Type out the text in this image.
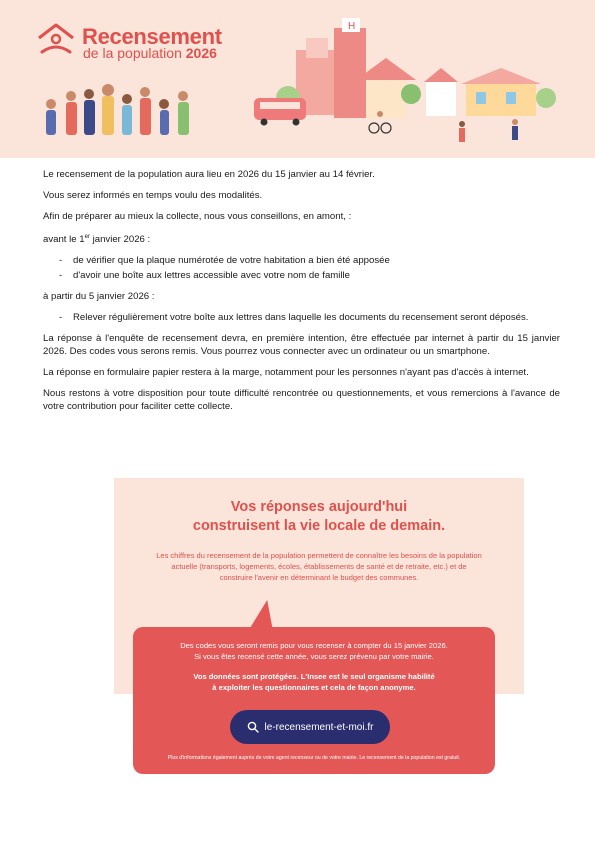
H
Recensement
de la population 2026

Le recensement de la population aura lieu en 2026 du 15 janvier au 14 février.

Vous serez informés en temps voulu des modalités.

Afin de préparer au mieux la collecte, nous vous conseillons, en amont, :

avant le 1er janvier 2026 :

- de vérifier que la plaque numérotée de votre habitation a bien été apposée
- d'avoir une boîte aux lettres accessible avec votre nom de famille

à partir du 5 janvier 2026 :

- Relever régulièrement votre boîte aux lettres dans laquelle les documents du recensement seront déposés.

La réponse à l'enquête de recensement devra, en première intention, être effectuée par internet à partir du 15 janvier 2026. Des codes vous serons remis. Vous pourrez vous connecter avec un ordinateur ou un smartphone.

La réponse en formulaire papier restera à la marge, notamment pour les personnes n'ayant pas d'accès à internet.

Nous restons à votre disposition pour toute difficulté rencontrée ou questionnements, et vous remercions à l'avance de votre contribution pour faciliter cette collecte.

Vos réponses aujourd'hui
construisent la vie locale de demain.
Les chiffres du recensement de la population permettent de connaître les besoins de la population actuelle (transports, logements, écoles, établissements de santé et de retraite, etc.) et de construire l'avenir en déterminant le budget des communes.
Des codes vous seront remis pour vous recenser à compter du 15 janvier 2026.
Si vous êtes recensé cette année, vous serez prévenu par votre mairie.
Vos données sont protégées. L'Insee est le seul organisme habilité
à exploiter les questionnaires et cela de façon anonyme.
le-recensement-et-moi.fr
Plus d'informations également auprès de votre agent recenseur ou de votre mairie. Le recensement de la population est gratuit.
